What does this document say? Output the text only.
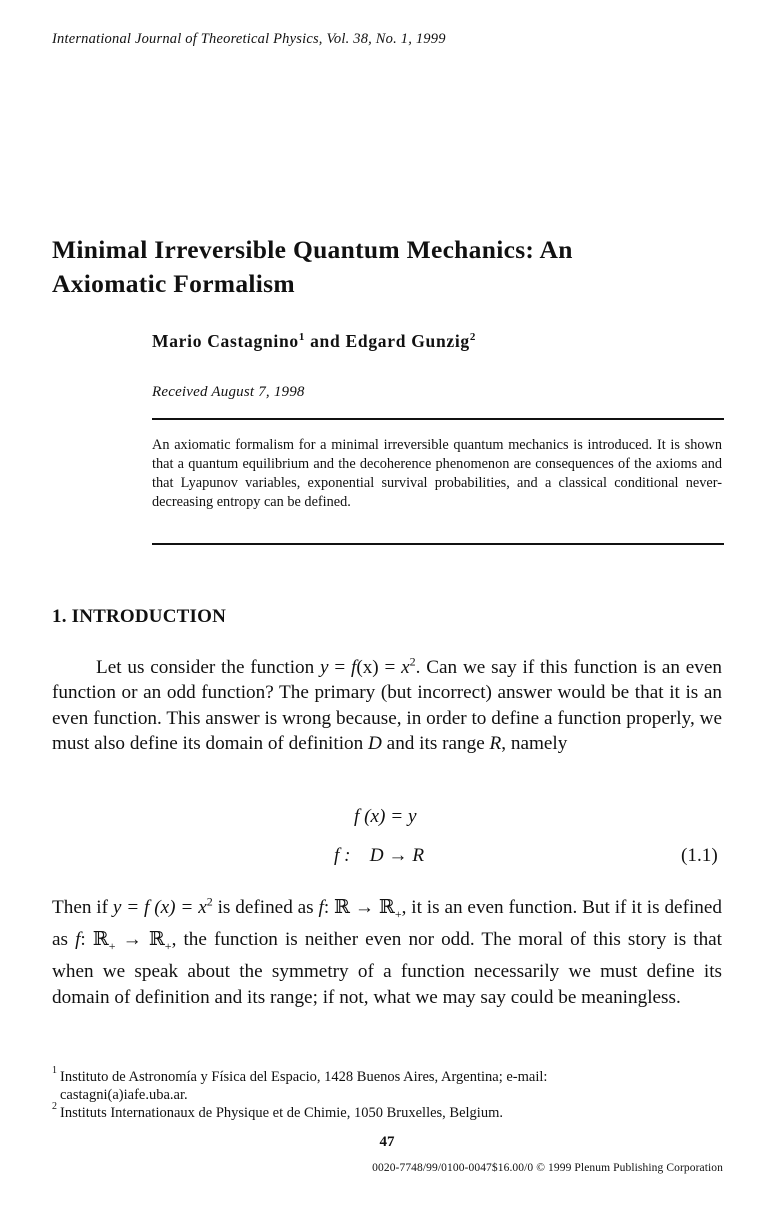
International Journal of Theoretical Physics, Vol. 38, No. 1, 1999
Minimal Irreversible Quantum Mechanics: An
Axiomatic Formalism
Mario Castagnino$^1$ and Edgard Gunzig$^2$
Received August 7, 1998
An axiomatic formalism for a minimal irreversible quantum mechanics is introduced. It is shown that a quantum equilibrium and the decoherence phenomenon are consequences of the axioms and that Lyapunov variables, exponential survival probabilities, and a classical conditional never-decreasing entropy can be defined.
1. INTRODUCTION
Let us consider the function $y = f(x) = x^2$. Can we say if this function is an even function or an odd function? The primary (but incorrect) answer would be that it is an even function. This answer is wrong because, in order to define a function properly, we must also define its domain of definition D and its range R, namely
f (x) = y
f : D → R	(1.1)
Then if y = f $(x) = x^2$ is defined as f: ℝ → ℝ$_+$, it is an even function. But if it is defined as f: ℝ$_+$ → ℝ$_+$, the function is neither even nor odd. The moral of this story is that when we speak about the symmetry of a function necessarily we must define its domain of definition and its range; if not, what we may say could be meaningless.
1 Instituto de Astronomía y Física del Espacio, 1428 Buenos Aires, Argentina; e-mail:
castagni(a)iafe.uba.ar.
2 Instituts Internationaux de Physique et de Chimie, 1050 Bruxelles, Belgium.
47
0020-7748/99/0100-0047$16.00/0 © 1999 Plenum Publishing Corporation
